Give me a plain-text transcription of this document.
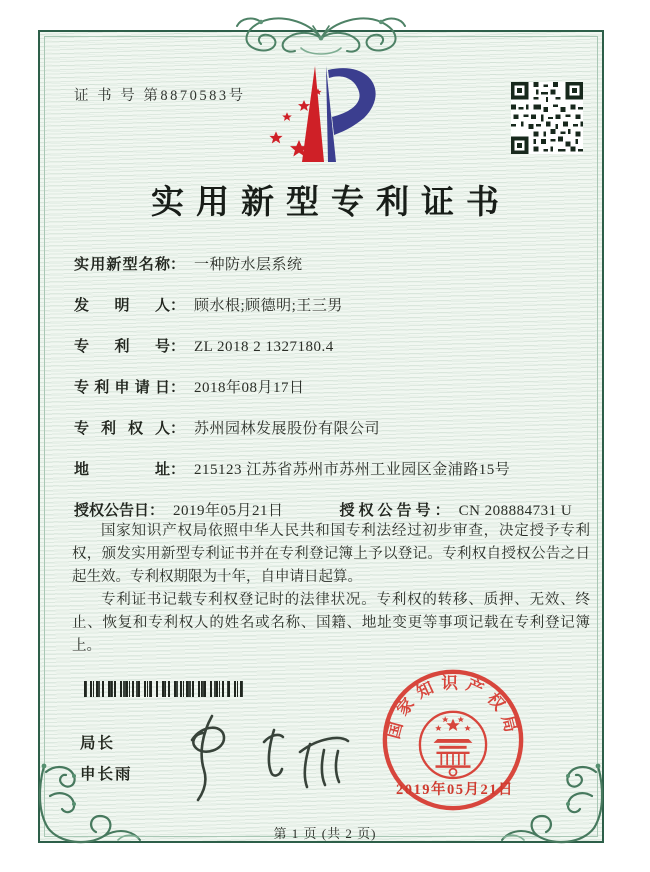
证 书 号 第8870583号
实用新型专利证书
实用新型名称： 一种防水层系统
发明人： 顾水根;顾德明;王三男
专利号： ZL 2018 2 1327180.4
专利申请日： 2018年08月17日
专利权人： 苏州园林发展股份有限公司
地址： 215123 江苏省苏州市苏州工业园区金浦路15号
授权公告日： 2019年05月21日	授权公告号： CN 208884731 U

国家知识产权局依照中华人民共和国专利法经过初步审查，决定授予专利权，颁发实用新型专利证书并在专利登记簿上予以登记。专利权自授权公告之日起生效。专利权期限为十年，自申请日起算。

专利证书记载专利权登记时的法律状况。专利权的转移、质押、无效、终止、恢复和专利权人的姓名或名称、国籍、地址变更等事项记载在专利登记簿上。

局长
申长雨
国家知识产权局
2019年05月21日
第 1 页 (共 2 页)
